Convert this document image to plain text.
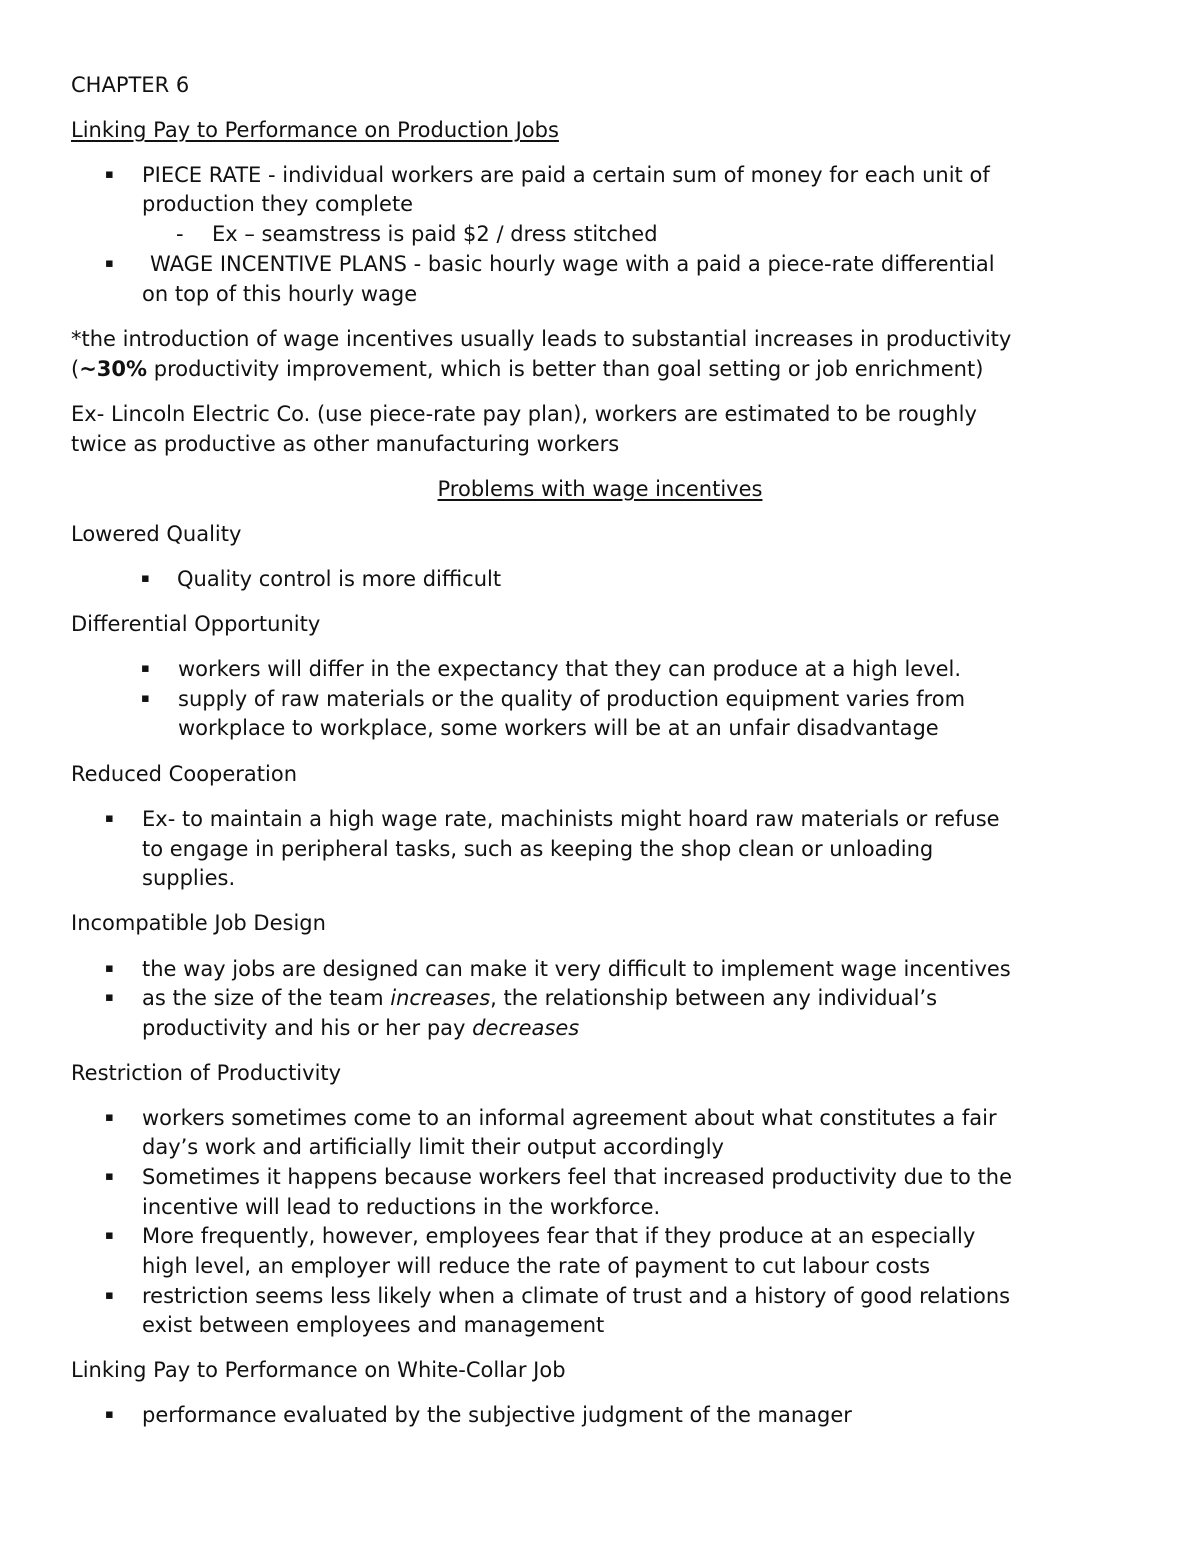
CHAPTER 6
Linking Pay to Performance on Production Jobs
▪ PIECE RATE - individual workers are paid a certain sum of money for each unit of
production they complete
- Ex – seamstress is paid $2 / dress stitched
▪ WAGE INCENTIVE PLANS - basic hourly wage with a paid a piece-rate differential
on top of this hourly wage
*the introduction of wage incentives usually leads to substantial increases in productivity
(~30% productivity improvement, which is better than goal setting or job enrichment)
Ex- Lincoln Electric Co. (use piece-rate pay plan), workers are estimated to be roughly
twice as productive as other manufacturing workers
Problems with wage incentives
Lowered Quality
▪ Quality control is more difficult
Differential Opportunity
▪ workers will differ in the expectancy that they can produce at a high level.
▪ supply of raw materials or the quality of production equipment varies from
workplace to workplace, some workers will be at an unfair disadvantage
Reduced Cooperation
▪ Ex- to maintain a high wage rate, machinists might hoard raw materials or refuse
to engage in peripheral tasks, such as keeping the shop clean or unloading
supplies.
Incompatible Job Design
▪ the way jobs are designed can make it very difficult to implement wage incentives
▪ as the size of the team increases, the relationship between any individual’s
productivity and his or her pay decreases
Restriction of Productivity
▪ workers sometimes come to an informal agreement about what constitutes a fair
day’s work and artificially limit their output accordingly
▪ Sometimes it happens because workers feel that increased productivity due to the
incentive will lead to reductions in the workforce.
▪ More frequently, however, employees fear that if they produce at an especially
high level, an employer will reduce the rate of payment to cut labour costs
▪ restriction seems less likely when a climate of trust and a history of good relations
exist between employees and management
Linking Pay to Performance on White-Collar Job
▪ performance evaluated by the subjective judgment of the manager
